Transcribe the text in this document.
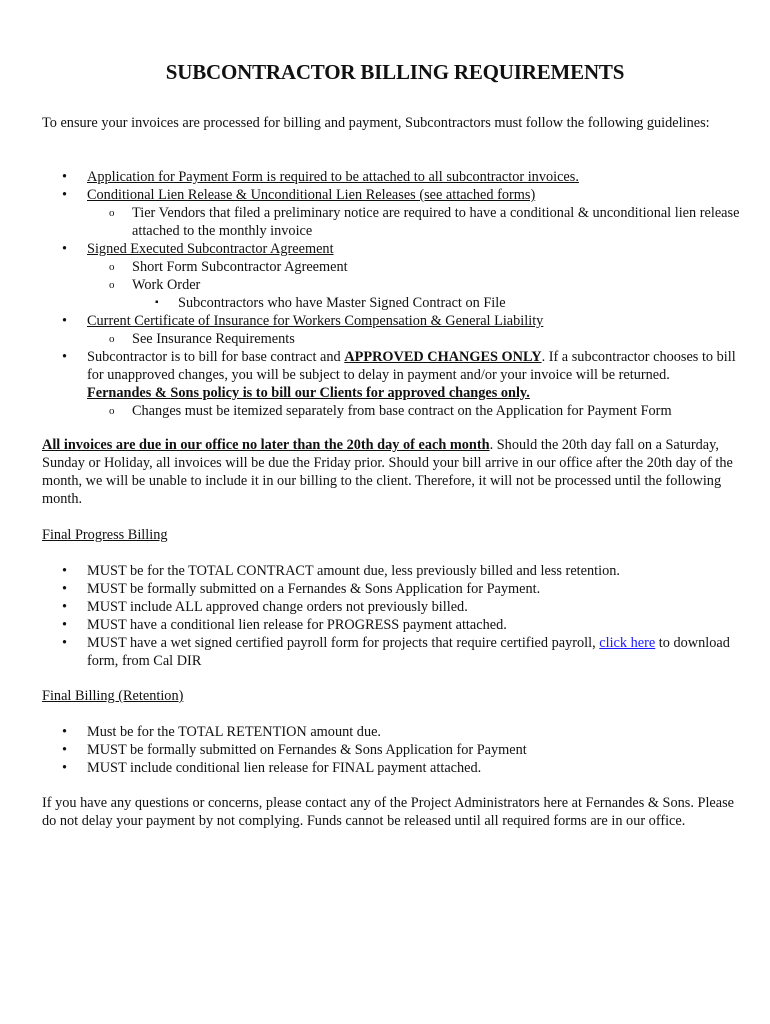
SUBCONTRACTOR BILLING REQUIREMENTS

To ensure your invoices are processed for billing and payment, Subcontractors must follow the following guidelines:

• Application for Payment Form is required to be attached to all subcontractor invoices.
• Conditional Lien Release & Unconditional Lien Releases (see attached forms)
o Tier Vendors that filed a preliminary notice are required to have a conditional & unconditional lien release attached to the monthly invoice
• Signed Executed Subcontractor Agreement
o Short Form Subcontractor Agreement
o Work Order
▪ Subcontractors who have Master Signed Contract on File
• Current Certificate of Insurance for Workers Compensation & General Liability
o See Insurance Requirements
• Subcontractor is to bill for base contract and APPROVED CHANGES ONLY. If a subcontractor chooses to bill for unapproved changes, you will be subject to delay in payment and/or your invoice will be returned.
Fernandes & Sons policy is to bill our Clients for approved changes only.
o Changes must be itemized separately from base contract on the Application for Payment Form

All invoices are due in our office no later than the 20th day of each month. Should the 20th day fall on a Saturday, Sunday or Holiday, all invoices will be due the Friday prior. Should your bill arrive in our office after the 20th day of the month, we will be unable to include it in our billing to the client. Therefore, it will not be processed until the following month.

Final Progress Billing

• MUST be for the TOTAL CONTRACT amount due, less previously billed and less retention.
• MUST be formally submitted on a Fernandes & Sons Application for Payment.
• MUST include ALL approved change orders not previously billed.
• MUST have a conditional lien release for PROGRESS payment attached.
• MUST have a wet signed certified payroll form for projects that require certified payroll, click here to download form, from Cal DIR

Final Billing (Retention)

• Must be for the TOTAL RETENTION amount due.
• MUST be formally submitted on Fernandes & Sons Application for Payment
• MUST include conditional lien release for FINAL payment attached.

If you have any questions or concerns, please contact any of the Project Administrators here at Fernandes & Sons. Please do not delay your payment by not complying. Funds cannot be released until all required forms are in our office.
